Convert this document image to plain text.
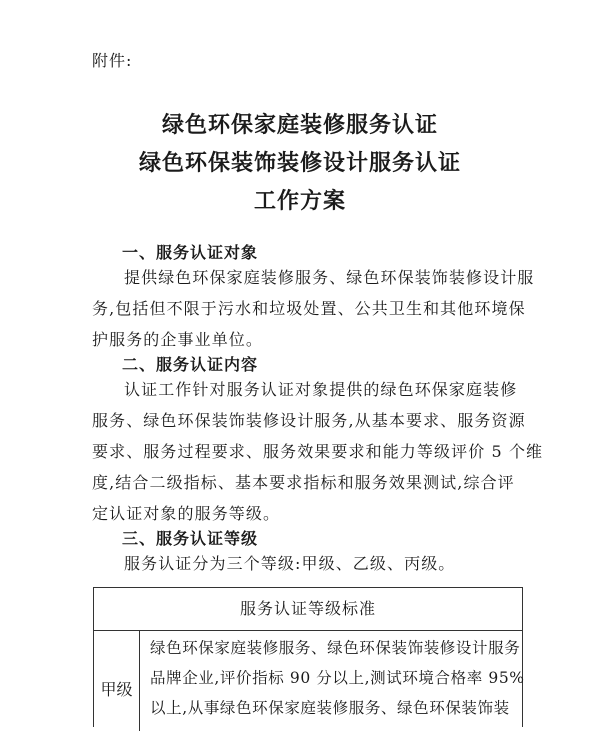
附件:
绿色环保家庭装修服务认证
绿色环保装饰装修设计服务认证
工作方案
一、服务认证对象
提供绿色环保家庭装修服务、绿色环保装饰装修设计服
务,包括但不限于污水和垃圾处置、公共卫生和其他环境保
护服务的企事业单位。
二、服务认证内容
认证工作针对服务认证对象提供的绿色环保家庭装修
服务、绿色环保装饰装修设计服务,从基本要求、服务资源
要求、服务过程要求、服务效果要求和能力等级评价 5 个维
度,结合二级指标、基本要求指标和服务效果测试,综合评
定认证对象的服务等级。
三、服务认证等级
服务认证分为三个等级:甲级、乙级、丙级。
服务认证等级标准
甲级
绿色环保家庭装修服务、绿色环保装饰装修设计服务
品牌企业,评价指标 90 分以上,测试环境合格率 95%
以上,从事绿色环保家庭装修服务、绿色环保装饰装
